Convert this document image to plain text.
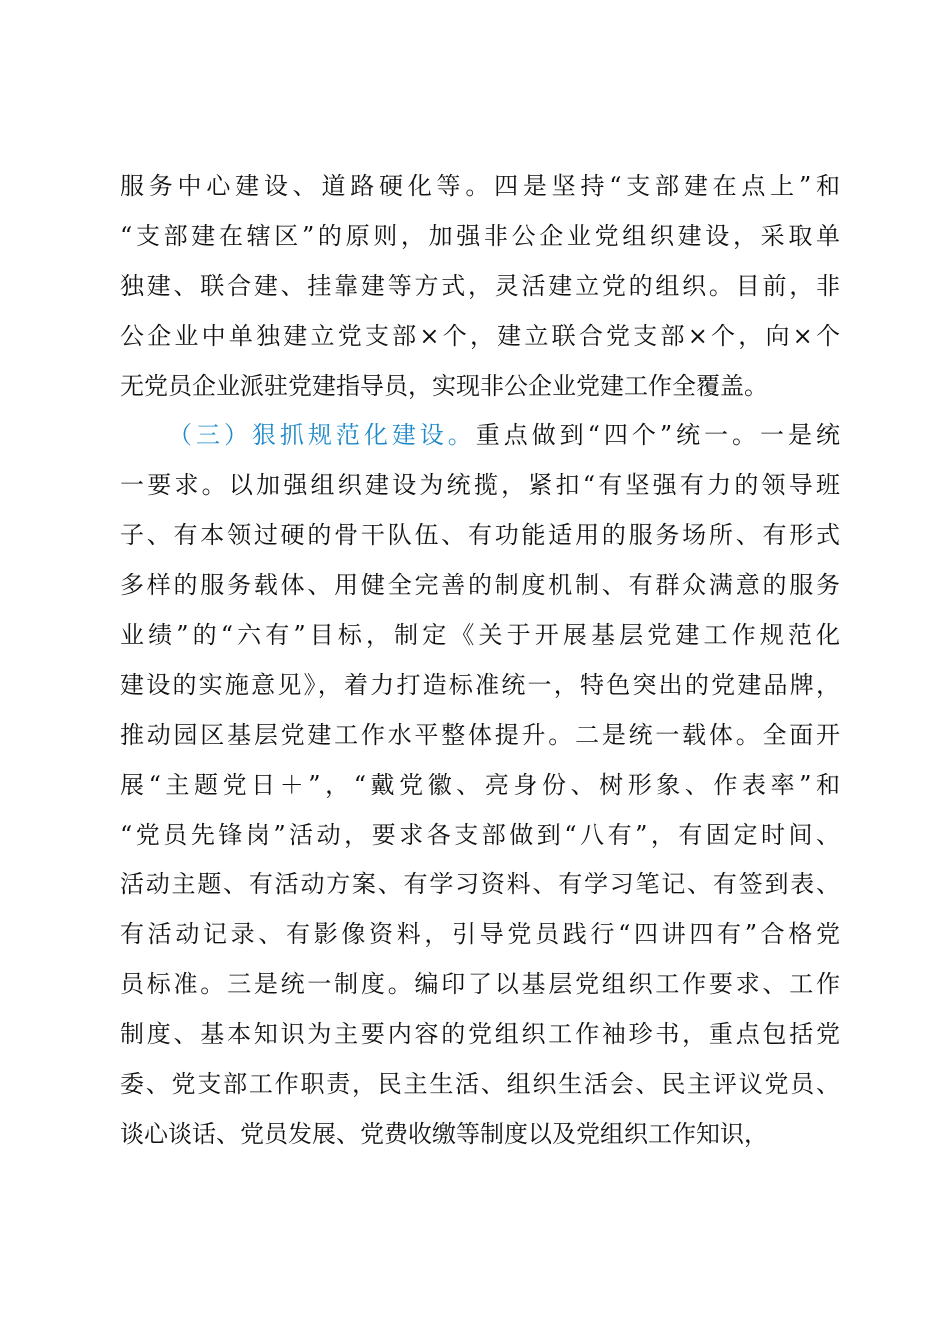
服务中心建设、道路硬化等。四是坚持“支部建在点上”和
“支部建在辖区”的原则，加强非公企业党组织建设，采取单
独建、联合建、挂靠建等方式，灵活建立党的组织。目前，非
公企业中单独建立党支部×个，建立联合党支部×个，向×个
无党员企业派驻党建指导员，实现非公企业党建工作全覆盖。
（三）狠抓规范化建设。重点做到“四个”统一。一是统
一要求。以加强组织建设为统揽，紧扣“有坚强有力的领导班
子、有本领过硬的骨干队伍、有功能适用的服务场所、有形式
多样的服务载体、用健全完善的制度机制、有群众满意的服务
业绩”的“六有”目标，制定《关于开展基层党建工作规范化
建设的实施意见》，着力打造标准统一，特色突出的党建品牌，
推动园区基层党建工作水平整体提升。二是统一载体。全面开
展“主题党日＋”，“戴党徽、亮身份、树形象、作表率”和
“党员先锋岗”活动，要求各支部做到“八有”，有固定时间、
活动主题、有活动方案、有学习资料、有学习笔记、有签到表、
有活动记录、有影像资料，引导党员践行“四讲四有”合格党
员标准。三是统一制度。编印了以基层党组织工作要求、工作
制度、基本知识为主要内容的党组织工作袖珍书，重点包括党
委、党支部工作职责，民主生活、组织生活会、民主评议党员、
谈心谈话、党员发展、党费收缴等制度以及党组织工作知识，
